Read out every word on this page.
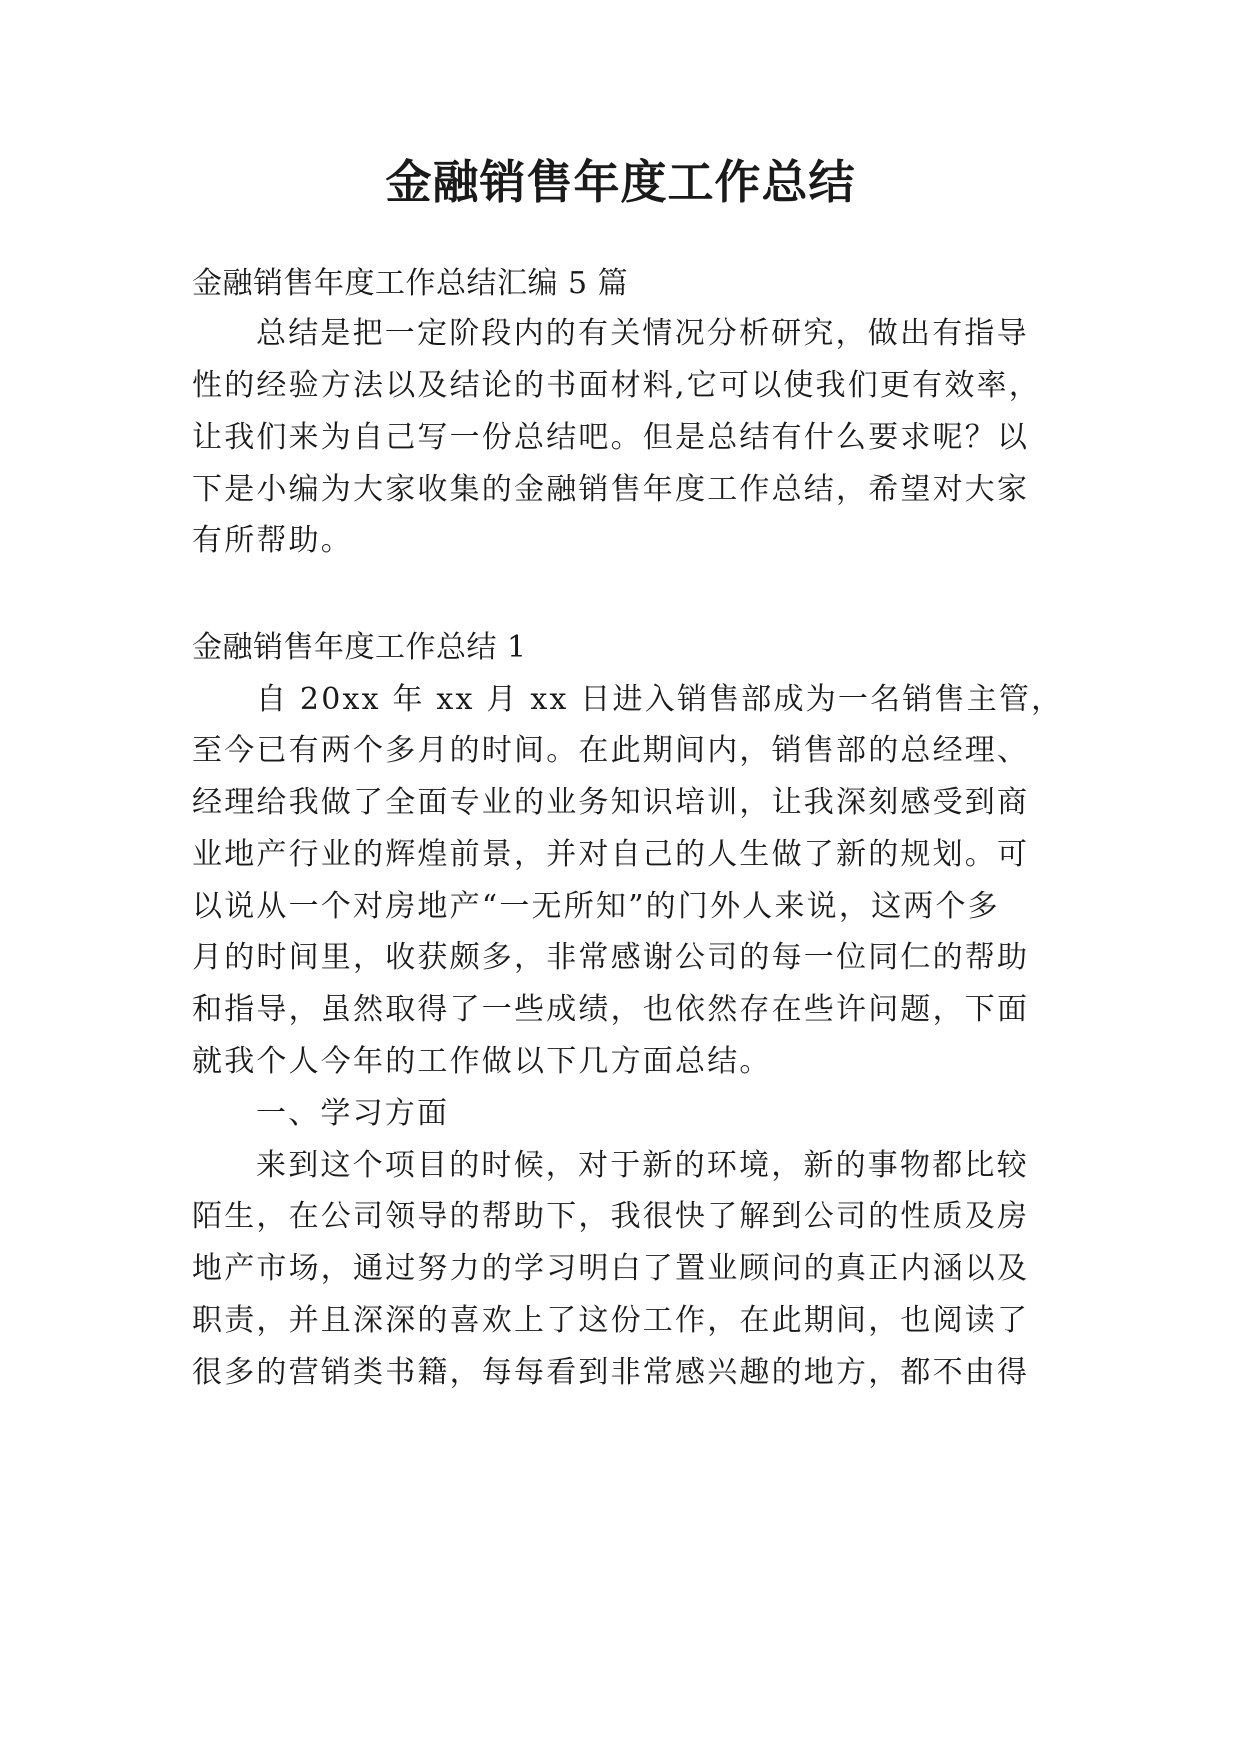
金融销售年度工作总结
金融销售年度工作总结汇编 5 篇
总结是把一定阶段内的有关情况分析研究，做出有指导
性的经验方法以及结论的书面材料,它可以使我们更有效率，
让我们来为自己写一份总结吧。但是总结有什么要求呢？以
下是小编为大家收集的金融销售年度工作总结，希望对大家
有所帮助。
金融销售年度工作总结 1
自 20xx 年 xx 月 xx 日进入销售部成为一名销售主管，
至今已有两个多月的时间。在此期间内，销售部的总经理、
经理给我做了全面专业的业务知识培训，让我深刻感受到商
业地产行业的辉煌前景，并对自己的人生做了新的规划。可
以说从一个对房地产“一无所知”的门外人来说，这两个多
月的时间里，收获颇多，非常感谢公司的每一位同仁的帮助
和指导，虽然取得了一些成绩，也依然存在些许问题，下面
就我个人今年的工作做以下几方面总结。
一、学习方面
来到这个项目的时候，对于新的环境，新的事物都比较
陌生，在公司领导的帮助下，我很快了解到公司的性质及房
地产市场，通过努力的学习明白了置业顾问的真正内涵以及
职责，并且深深的喜欢上了这份工作，在此期间，也阅读了
很多的营销类书籍，每每看到非常感兴趣的地方，都不由得
